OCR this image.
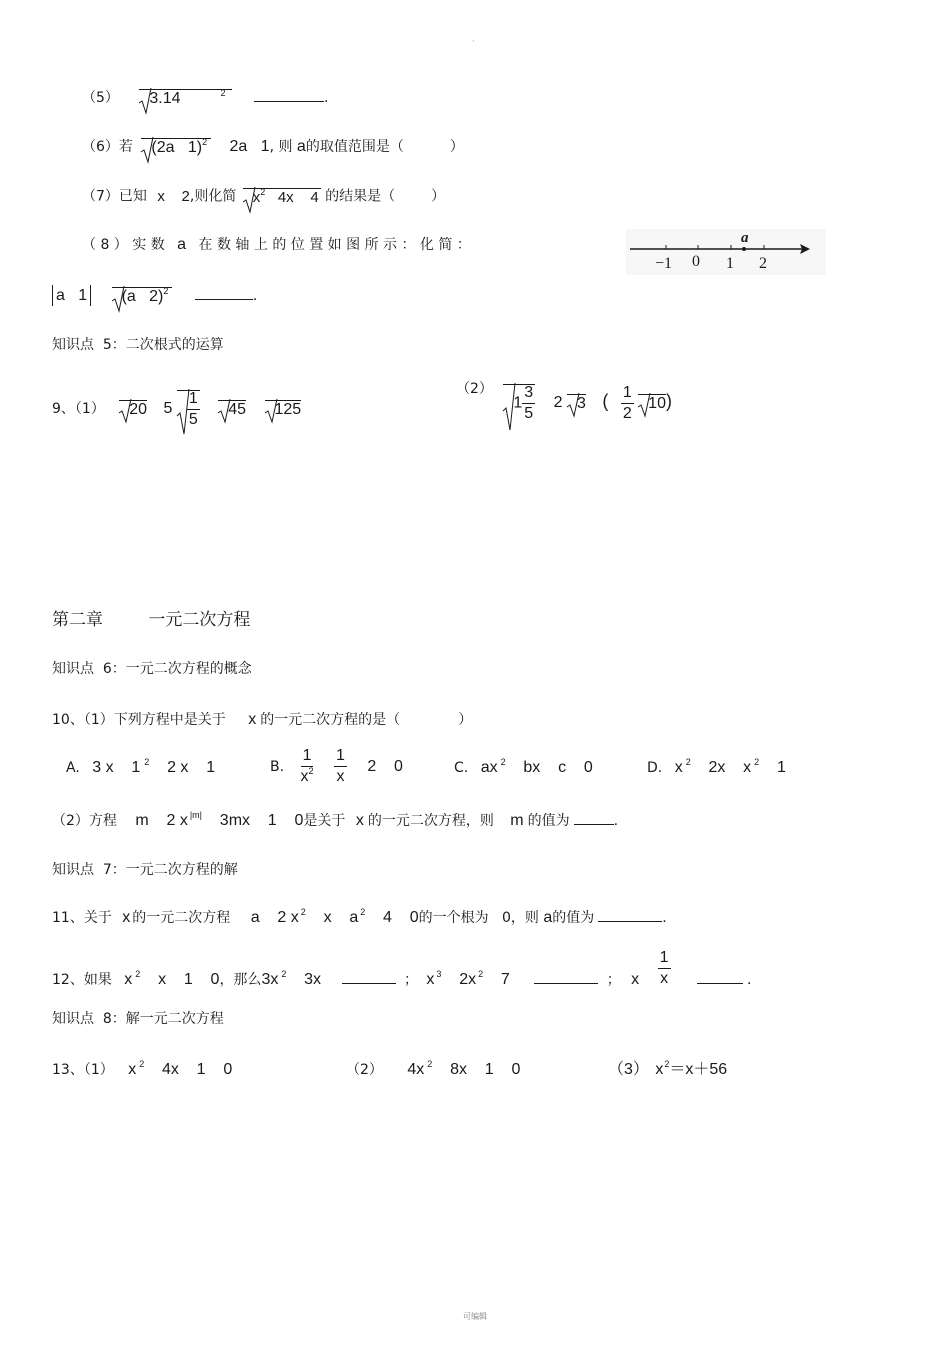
·
（5） 3.14	$^2$	.
（6）若 (2a   1)$^2$ 2a   1, 则 a的取值范围是（	）
（7）已知 x    2,则化简 $x^2$   4x    4 的结果是（	）
（ 8 ） 实 数 a 在 数 轴 上 的 位 置 如 图 所 示 ： 化 简 ：	a
−1 0 1 2
a   1 (a   2)$^2$	.
知识点  5：二次根式的运算
9、（1） 20 $5 \frac{1}{5}$
45 125
（2）
$1 \frac{3}{5} 2$ 3 ( $\frac{1}{2}$
10)
第二章	一元二次方程
知识点  6：一元二次方程的概念
10、（1）下列方程中是关于 x 的一元二次方程的是（	）
A. 3 x    1 $^2$    2 x    1	B. $\frac{1}{x^2}$
$\frac{1}{x} 2$    0	C. ax $^2$    bx    c    0	D. x $^2$    2x    x $^2$    1
（2）方程 m    2 x $^{|m|}$    3mx    1    0是关于 x 的一元二次方程，则 m 的值为	.
知识点  7：一元二次方程的解
11、关于 x 的一元二次方程 a    2 x $^2$    x    a $^2$    4    0的一个根为   0，则 a的值为	.
12、如果 x $^2$    x    1    0，那么3x $^2$    3x	； x $^3$    2x $^2$    7	； x $\frac{1}{x}$	.
知识点  8：解一元二次方程
13、（1） x $^2$    4x    1    0	（2） 4x $^2$    8x    1    0	（3） $x^2=x+56$
可编辑
